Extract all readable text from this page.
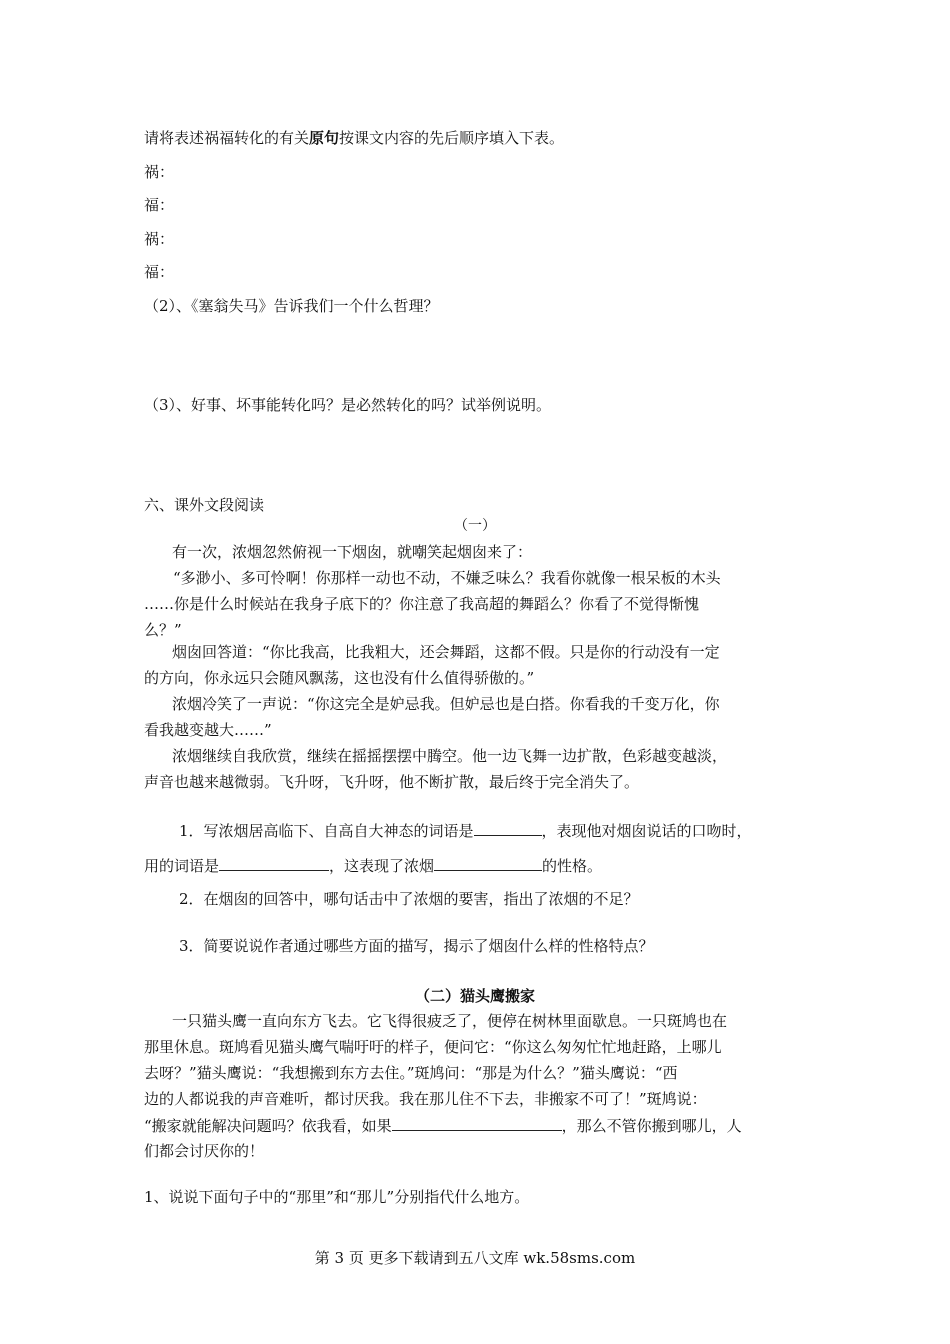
请将表述祸福转化的有关原句按课文内容的先后顺序填入下表。
祸：
福：
祸：
福：
（2）、《塞翁失马》告诉我们一个什么哲理？
（3）、好事、坏事能转化吗？是必然转化的吗？试举例说明。
六、课外文段阅读
（一）
有一次，浓烟忽然俯视一下烟囱，就嘲笑起烟囱来了：
“多渺小、多可怜啊！你那样一动也不动，不嫌乏味么？我看你就像一根呆板的木头
……你是什么时候站在我身子底下的？你注意了我高超的舞蹈么？你看了不觉得惭愧
么？”
烟囱回答道：“你比我高，比我粗大，还会舞蹈，这都不假。只是你的行动没有一定
的方向，你永远只会随风飘荡，这也没有什么值得骄傲的。”
浓烟冷笑了一声说：“你这完全是妒忌我。但妒忌也是白搭。你看我的千变万化，你
看我越变越大……”
浓烟继续自我欣赏，继续在摇摇摆摆中腾空。他一边飞舞一边扩散，色彩越变越淡，
声音也越来越微弱。飞升呀，飞升呀，他不断扩散，最后终于完全消失了。
1．写浓烟居高临下、自高自大神态的词语是	，表现他对烟囱说话的口吻时，
用的词语是	，这表现了浓烟	的性格。
2．在烟囱的回答中，哪句话击中了浓烟的要害，指出了浓烟的不足？
3．简要说说作者通过哪些方面的描写，揭示了烟囱什么样的性格特点？
（二）猫头鹰搬家
一只猫头鹰一直向东方飞去。它飞得很疲乏了，便停在树林里面歇息。一只斑鸠也在
那里休息。斑鸠看见猫头鹰气喘吁吁的样子，便问它：“你这么匆匆忙忙地赶路，上哪儿
去呀？”猫头鹰说：“我想搬到东方去住。”斑鸠问：“那是为什么？”猫头鹰说：“西
边的人都说我的声音难听，都讨厌我。我在那儿住不下去，非搬家不可了！”斑鸠说：
“搬家就能解决问题吗？依我看，如果	，那么不管你搬到哪儿，人
们都会讨厌你的！
1、说说下面句子中的“那里”和“那儿”分别指代什么地方。
第 3 页 更多下载请到五八文库 wk.58sms.com
